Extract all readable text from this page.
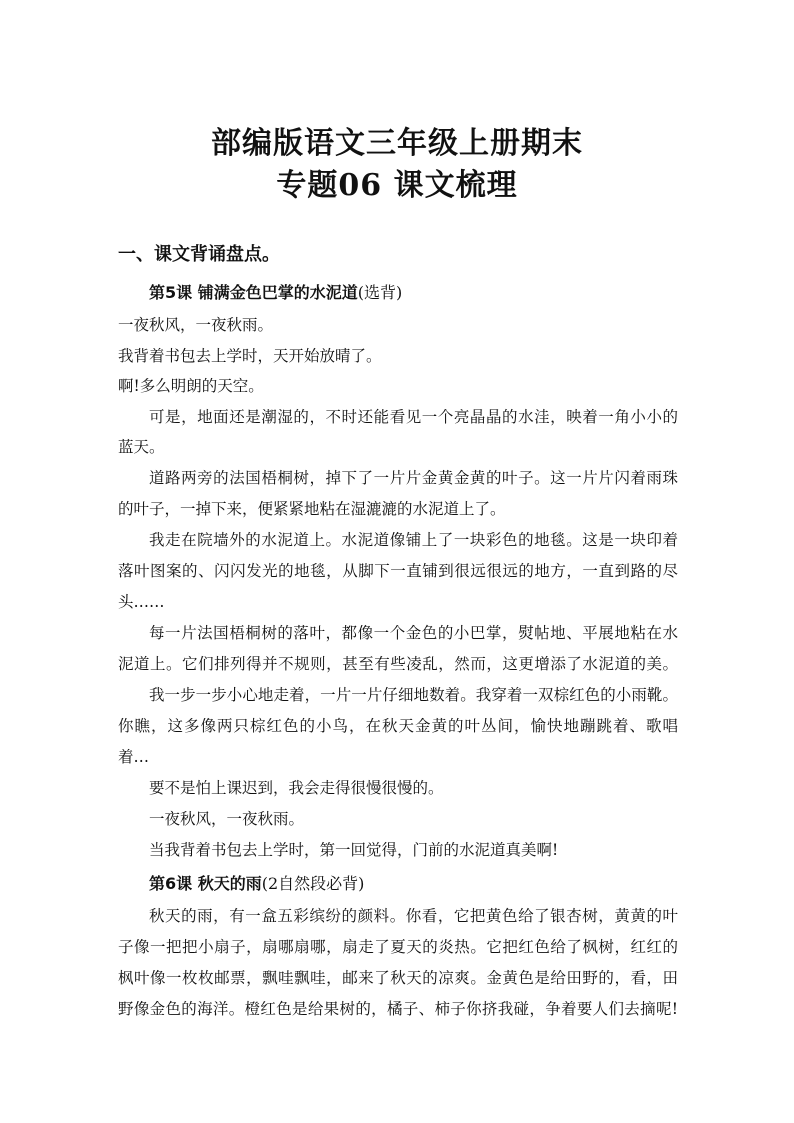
部编版语文三年级上册期末
专题06 课文梳理
一、课文背诵盘点。
第5课 铺满金色巴掌的水泥道(选背)
一夜秋风，一夜秋雨。
我背着书包去上学时，天开始放晴了。
啊!多么明朗的天空。
可是，地面还是潮湿的，不时还能看见一个亮晶晶的水洼，映着一角小小的
蓝天。
道路两旁的法国梧桐树，掉下了一片片金黄金黄的叶子。这一片片闪着雨珠
的叶子，一掉下来，便紧紧地粘在湿漉漉的水泥道上了。
我走在院墙外的水泥道上。水泥道像铺上了一块彩色的地毯。这是一块印着
落叶图案的、闪闪发光的地毯，从脚下一直铺到很远很远的地方，一直到路的尽
头……
每一片法国梧桐树的落叶，都像一个金色的小巴掌，熨帖地、平展地粘在水
泥道上。它们排列得并不规则，甚至有些凌乱，然而，这更增添了水泥道的美。
我一步一步小心地走着，一片一片仔细地数着。我穿着一双棕红色的小雨靴。
你瞧，这多像两只棕红色的小鸟，在秋天金黄的叶丛间，愉快地蹦跳着、歌唱
着…
要不是怕上课迟到，我会走得很慢很慢的。
一夜秋风，一夜秋雨。
当我背着书包去上学时，第一回觉得，门前的水泥道真美啊!
第6课 秋天的雨(2自然段必背)
秋天的雨，有一盒五彩缤纷的颜料。你看，它把黄色给了银杏树，黄黄的叶
子像一把把小扇子，扇哪扇哪，扇走了夏天的炎热。它把红色给了枫树，红红的
枫叶像一枚枚邮票，飘哇飘哇，邮来了秋天的凉爽。金黄色是给田野的，看，田
野像金色的海洋。橙红色是给果树的，橘子、柿子你挤我碰，争着要人们去摘呢!
